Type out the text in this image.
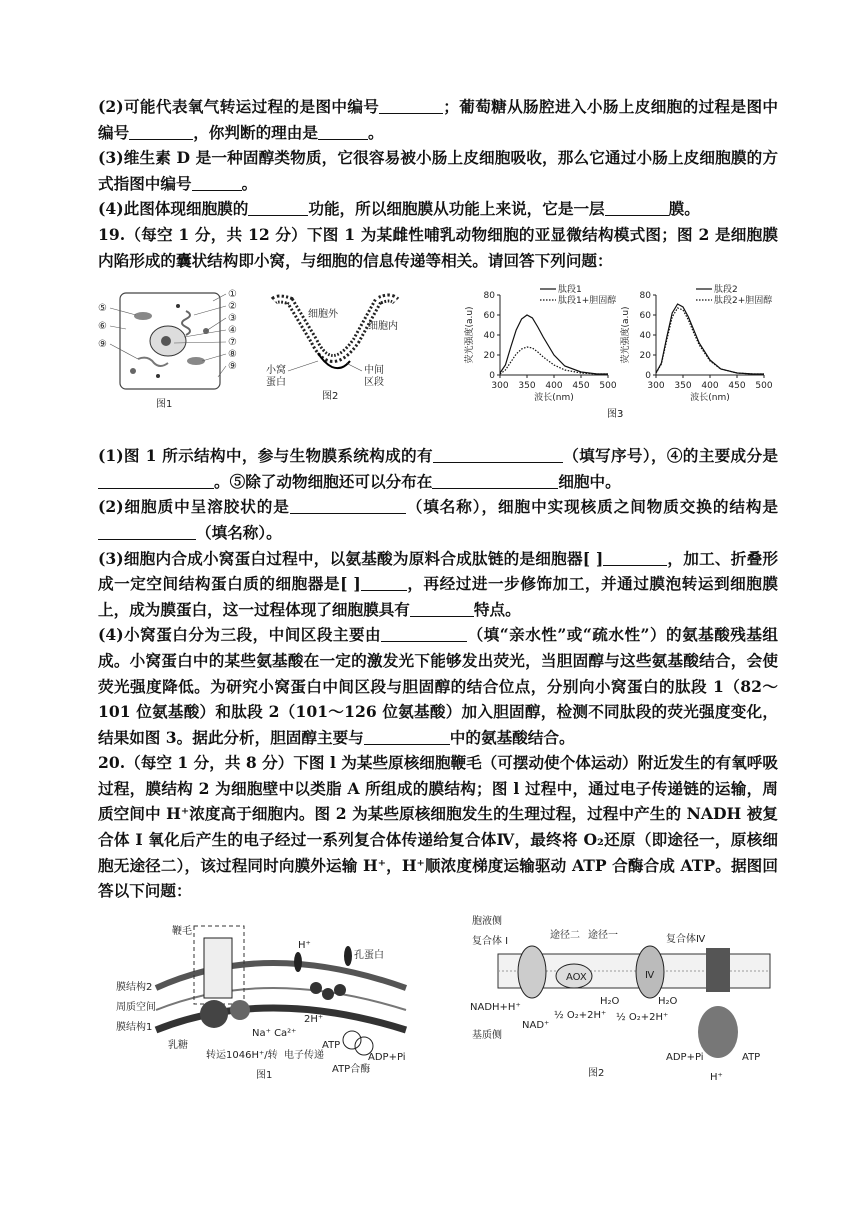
(2)可能代表氧气转运过程的是图中编号	；葡萄糖从肠腔进入小肠上皮细胞的过程是图中编号	，你判断的理由是	。

(3)维生素 D 是一种固醇类物质，它很容易被小肠上皮细胞吸收，那么它通过小肠上皮细胞膜的方式指图中编号	。

(4)此图体现细胞膜的	功能，所以细胞膜从功能上来说，它是一层	膜。

19.（每空 1 分，共 12 分）下图 1 为某雌性哺乳动物细胞的亚显微结构模式图；图 2 是细胞膜内陷形成的囊状结构即小窝，与细胞的信息传递等相关。请回答下列问题：

⑤
⑥
⑨
①
②
③
④
⑦
⑧
⑨
图1
细胞外
细胞内
小窝
蛋白
中间
区段
图2
0
20
40
60
80
300 350 400 450 500
波长(nm)
荧光强度(a.u)
肽段1
肽段1+胆固醇
0
20
40
60
80
300 350 400 450 500
波长(nm)
荧光强度(a.u)
肽段2
肽段2+胆固醇
图3

(1)图 1 所示结构中，参与生物膜系统构成的有	（填写序号），④的主要成分是。⑤除了动物细胞还可以分布在	细胞中。

(2)细胞质中呈溶胶状的是	（填名称），细胞中实现核质之间物质交换的结构是（填名称）。

(3)细胞内合成小窝蛋白过程中，以氨基酸为原料合成肽链的是细胞器[ ]	，加工、折叠形成一定空间结构蛋白质的细胞器是[ ]	，再经过进一步修饰加工，并通过膜泡转运到细胞膜上，成为膜蛋白，这一过程体现了细胞膜具有	特点。

(4)小窝蛋白分为三段，中间区段主要由	（填“亲水性”或“疏水性”）的氨基酸残基组成。小窝蛋白中的某些氨基酸在一定的激发光下能够发出荧光，当胆固醇与这些氨基酸结合，会使荧光强度降低。为研究小窝蛋白中间区段与胆固醇的结合位点，分别向小窝蛋白的肽段 1（82～101 位氨基酸）和肽段 2（101～126 位氨基酸）加入胆固醇，检测不同肽段的荧光强度变化，结果如图 3。据此分析，胆固醇主要与	中的氨基酸结合。

20.（每空 1 分，共 8 分）下图 l 为某些原核细胞鞭毛（可摆动使个体运动）附近发生的有氧呼吸过程，膜结构 2 为细胞壁中以类脂 A 所组成的膜结构；图 l 过程中，通过电子传递链的运输，周质空间中 H⁺浓度高于细胞内。图 2 为某些原核细胞发生的生理过程，过程中产生的 NADH 被复合体 I 氧化后产生的电子经过一系列复合体传递给复合体Ⅳ，最终将 O₂还原（即途径一，原核细胞无途径二），该过程同时向膜外运输 H⁺，H⁺顺浓度梯度运输驱动 ATP 合酶合成 ATP。据图回答以下问题：

鞭毛
膜结构2
周质空间
膜结构1
孔蛋白
H⁺
乳糖
Na⁺ Ca²⁺
2H⁺
转运1046H⁺/转 电子传递
ATP
ADP+Pi
ATP合酶
图1
胞液侧
复合体 I
途径二 途径一	复合体Ⅳ
AOX	Ⅳ
NADH+H⁺
NAD⁺
½ O₂+2H⁺
H₂O
½ O₂+2H⁺
H₂O
基质侧
ADP+Pi	ATP
H⁺
图2
